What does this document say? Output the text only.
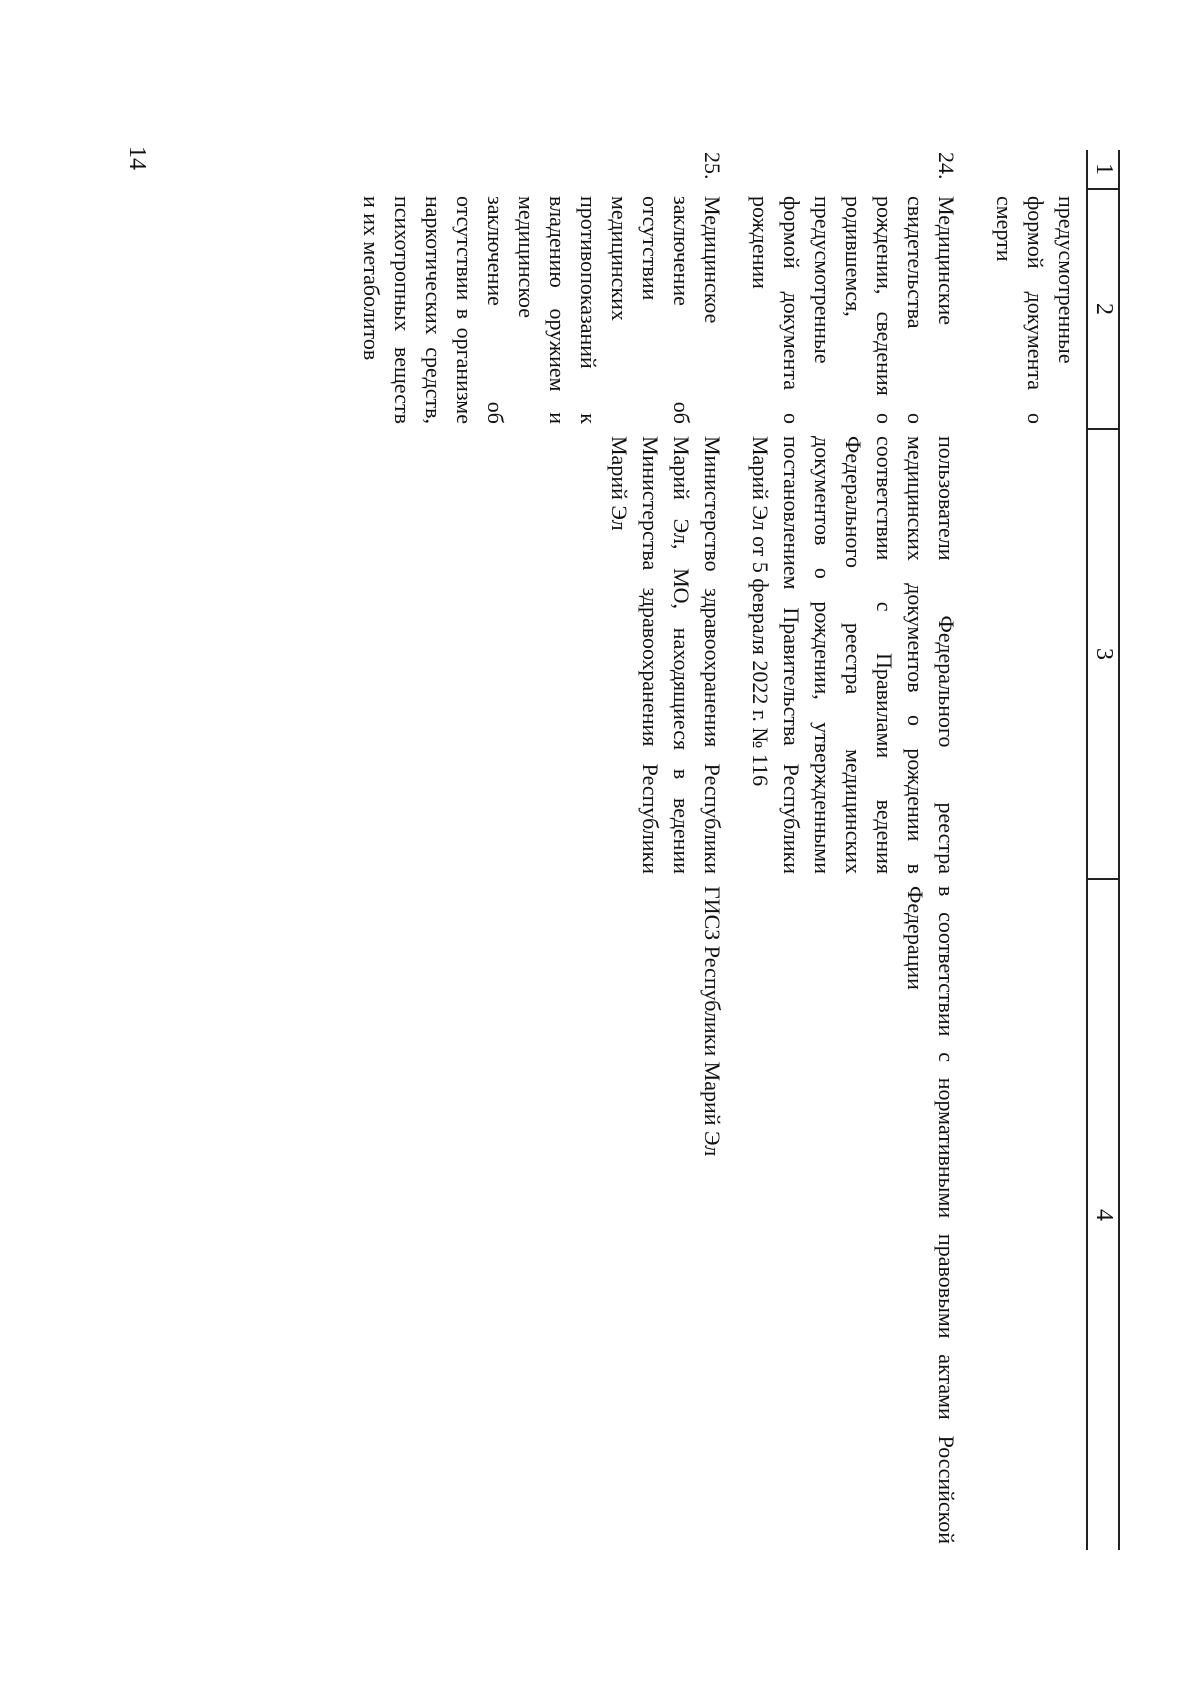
14	1
2
3
4
предусмотренные формой документа о смерти
24.
Медицинские свидетельства о рождении, сведения о родившемся, предусмотренные формой документа о рождении
пользователи Федерального реестра медицинских документов о рождении в соответствии с Правилами ведения Федерального реестра медицинских документов о рождении, утвержденными постановлением Правительства Республики Марий Эл от 5 февраля 2022 г. № 116
в соответствии с нормативными правовыми актами Российской Федерации
25.
Медицинское заключение об отсутствии медицинских противопоказаний к владению оружием и медицинское заключение об отсутствии в организме наркотических средств, психотропных веществ и их метаболитов
Министерство здравоохранения Республики Марий Эл, МО, находящиеся в ведении Министерства здравоохранения Республики Марий Эл
ГИСЗ Республики Марий Эл
